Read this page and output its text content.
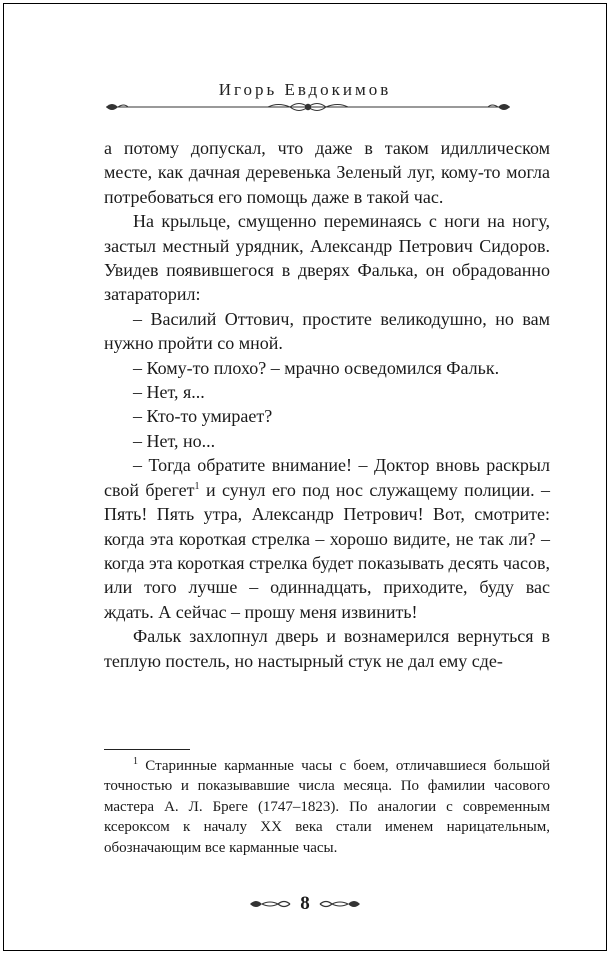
Игорь Евдокимов

а потому допускал, что даже в таком идиллическом месте, как дачная деревенька Зеленый луг, кому-то могла потребоваться его помощь даже в такой час.

На крыльце, смущенно переминаясь с ноги на ногу, застыл местный урядник, Александр Петрович Сидоров. Увидев появившегося в дверях Фалька, он обрадованно затараторил:

– Василий Оттович, простите великодушно, но вам нужно пройти со мной.

– Кому-то плохо? – мрачно осведомился Фальк.

– Нет, я...

– Кто-то умирает?

– Нет, но...

– Тогда обратите внимание! – Доктор вновь раскрыл свой брегет$^1$ и сунул его под нос служащему полиции. – Пять! Пять утра, Александр Петрович! Вот, смотрите: когда эта короткая стрелка – хорошо видите, не так ли? – когда эта короткая стрелка будет показывать десять часов, или того лучше – одиннадцать, приходите, буду вас ждать. А сейчас – прошу меня извинить!

Фальк захлопнул дверь и вознамерился вернуться в теплую постель, но настырный стук не дал ему сде-

$^1$ Старинные карманные часы с боем, отличавшиеся большой точностью и показывавшие числа месяца. По фамилии часового мастера А. Л. Бреге (1747–1823). По аналогии с современным ксероксом к началу XX века стали именем нарицательным, обозначающим все карманные часы.
8
